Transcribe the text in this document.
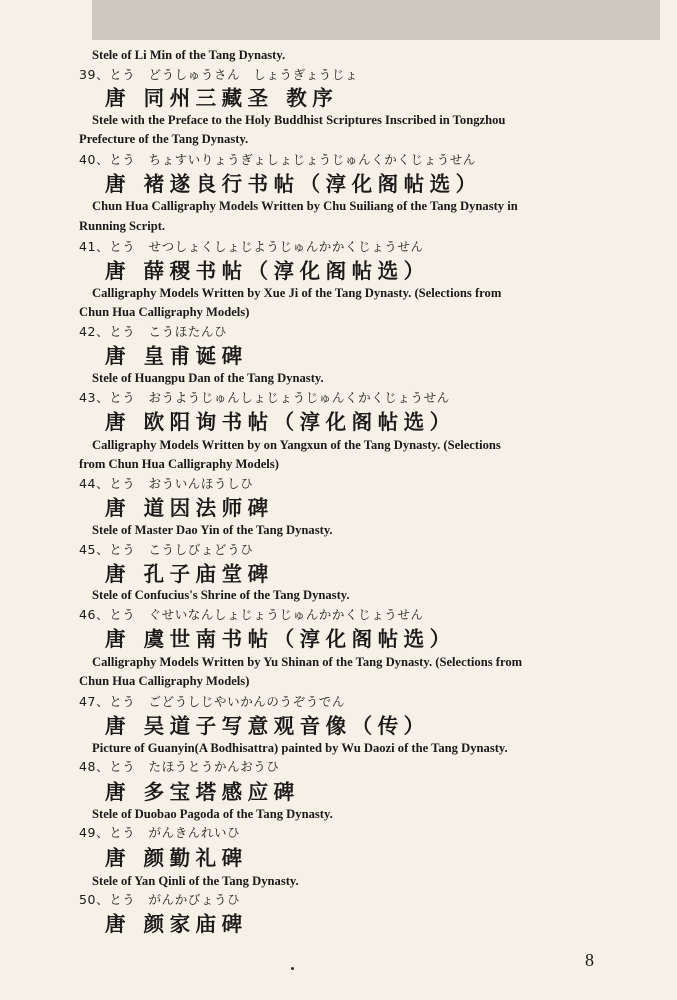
Stele of Li Min of the Tang Dynasty.
39、とう　どうしゅうさん　しょうぎょうじょ
唐 同州三藏圣 教序
Stele with the Preface to the Holy Buddhist Scriptures Inscribed in Tongzhou
Prefecture of the Tang Dynasty.
40、とう　ちょすいりょうぎょしょじょうじゅんくかくじょうせん
唐 褚遂良行书帖（淳化阁帖选）
Chun Hua Calligraphy Models Written by Chu Suiliang of the Tang Dynasty in
Running Script.
41、とう　せつしょくしょじようじゅんかかくじょうせん
唐 薛稷书帖（淳化阁帖选）
Calligraphy Models Written by Xue Ji of the Tang Dynasty. (Selections from
Chun Hua Calligraphy Models)
42、とう　こうほたんひ
唐 皇甫诞碑
Stele of Huangpu Dan of the Tang Dynasty.
43、とう　おうようじゅんしょじょうじゅんくかくじょうせん
唐 欧阳询书帖（淳化阁帖选）
Calligraphy Models Written by on Yangxun of the Tang Dynasty. (Selections
from Chun Hua Calligraphy Models)
44、とう　おういんほうしひ
唐 道因法师碑
Stele of Master Dao Yin of the Tang Dynasty.
45、とう　こうしびょどうひ
唐 孔子庙堂碑
Stele of Confucius's Shrine of the Tang Dynasty.
46、とう　ぐせいなんしょじょうじゅんかかくじょうせん
唐 虞世南书帖（淳化阁帖选）
Calligraphy Models Written by Yu Shinan of the Tang Dynasty. (Selections from
Chun Hua Calligraphy Models)
47、とう　ごどうしじやいかんのうぞうでん
唐 吴道子写意观音像（传）
Picture of Guanyin(A Bodhisattra) painted by Wu Daozi of the Tang Dynasty.
48、とう　たほうとうかんおうひ
唐 多宝塔感应碑
Stele of Duobao Pagoda of the Tang Dynasty.
49、とう　がんきんれいひ
唐 颜勤礼碑
Stele of Yan Qinli of the Tang Dynasty.
50、とう　がんかびょうひ
唐 颜家庙碑
8
